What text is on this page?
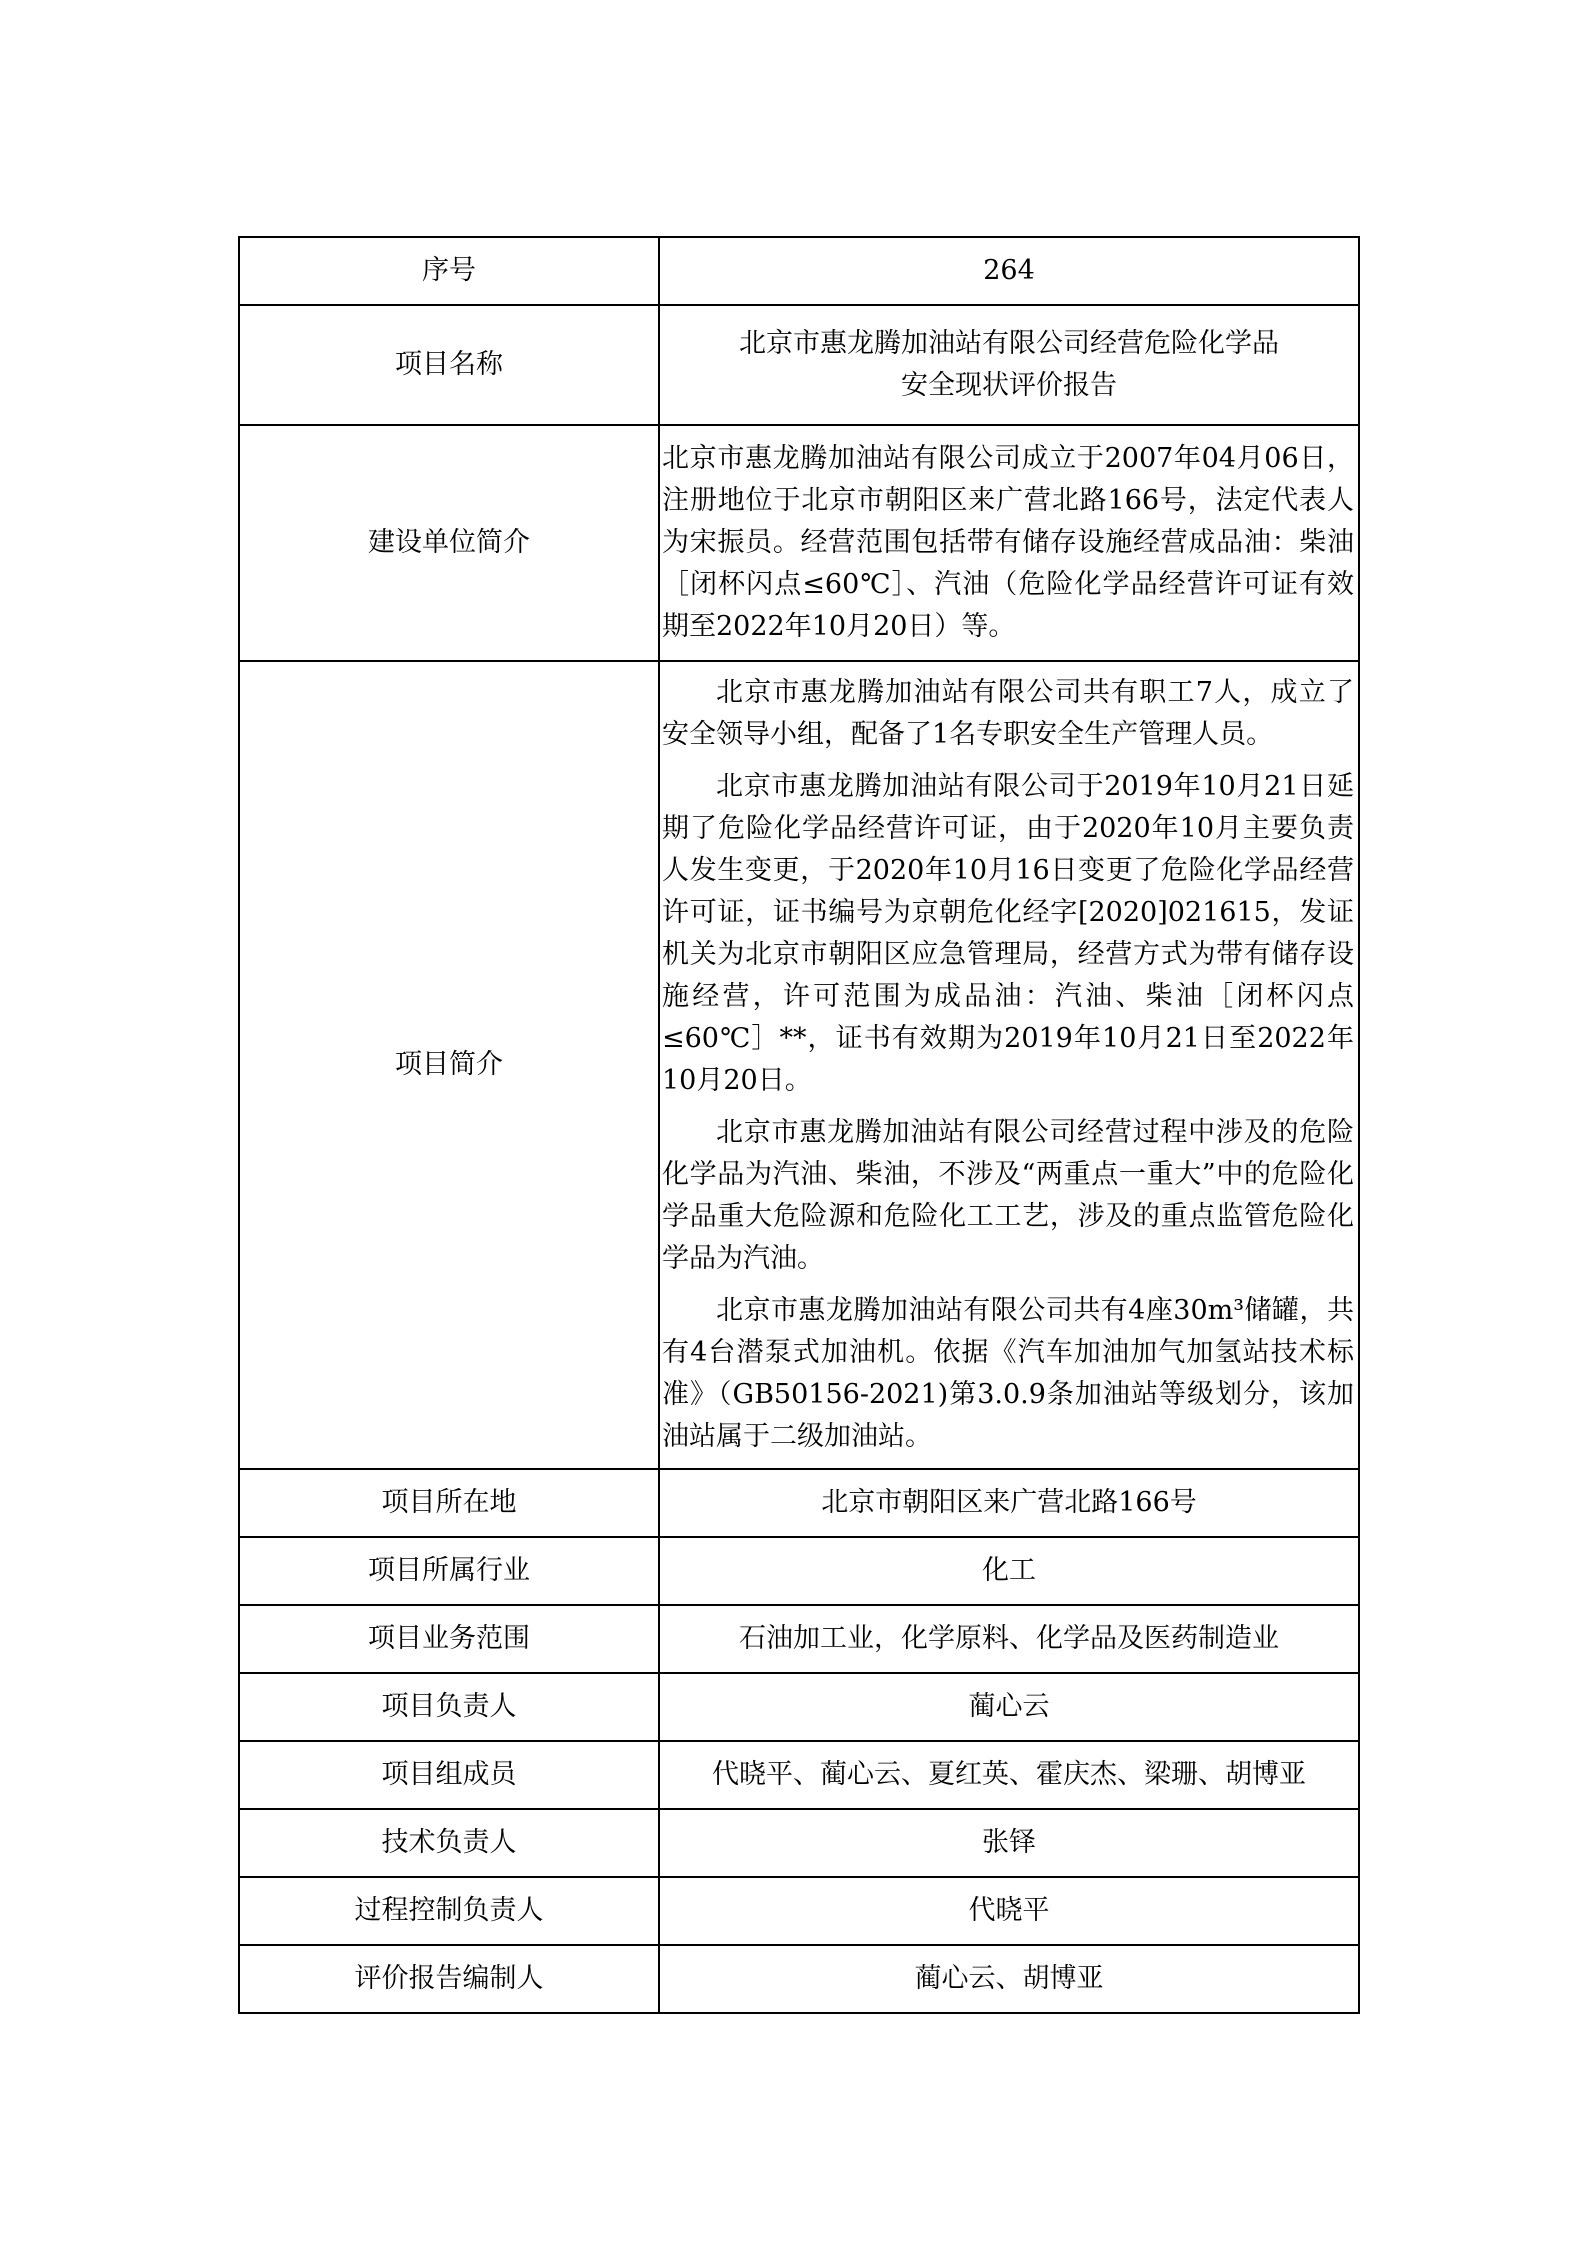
序号	264
项目名称	北京市惠龙腾加油站有限公司经营危险化学品
安全现状评价报告

建设单位简介	北京市惠龙腾加油站有限公司成立于2007年04月06日，注册地位于北京市朝阳区来广营北路166号，法定代表人为宋振员。经营范围包括带有储存设施经营成品油：柴油［闭杯闪点≤60℃］、汽油（危险化学品经营许可证有效期至2022年10月20日）等。

项目简介	北京市惠龙腾加油站有限公司共有职工7人，成立了安全领导小组，配备了1名专职安全生产管理人员。

北京市惠龙腾加油站有限公司于2019年10月21日延期了危险化学品经营许可证，由于2020年10月主要负责人发生变更，于2020年10月16日变更了危险化学品经营许可证，证书编号为京朝危化经字[2020]021615，发证机关为北京市朝阳区应急管理局，经营方式为带有储存设施经营，许可范围为成品油：汽油、柴油［闭杯闪点≤60℃］**，证书有效期为2019年10月21日至2022年10月20日。

北京市惠龙腾加油站有限公司经营过程中涉及的危险化学品为汽油、柴油，不涉及“两重点一重大”中的危险化学品重大危险源和危险化工工艺，涉及的重点监管危险化学品为汽油。

北京市惠龙腾加油站有限公司共有4座30m³储罐，共有4台潜泵式加油机。依据《汽车加油加气加氢站技术标准》（GB50156-2021)第3.0.9条加油站等级划分，该加油站属于二级加油站。

项目所在地	北京市朝阳区来广营北路166号
项目所属行业	化工
项目业务范围	石油加工业，化学原料、化学品及医药制造业
项目负责人	蔺心云
项目组成员	代晓平、蔺心云、夏红英、霍庆杰、梁珊、胡博亚
技术负责人	张铎
过程控制负责人	代晓平
评价报告编制人	蔺心云、胡博亚
